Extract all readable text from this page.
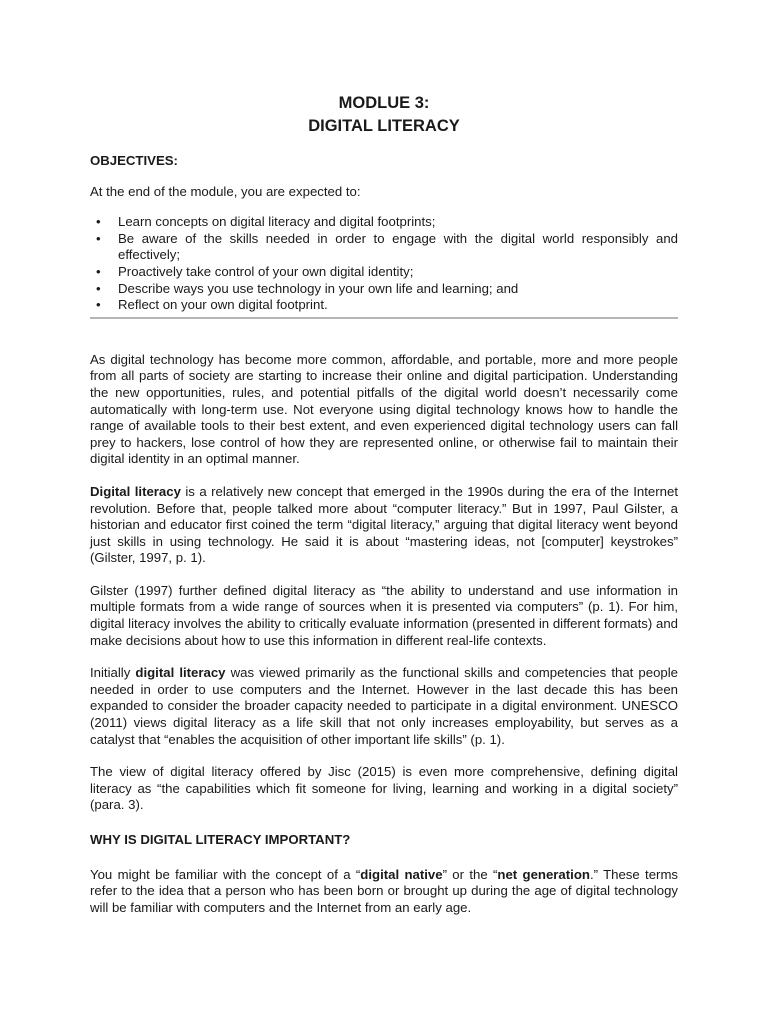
MODLUE 3:
DIGITAL LITERACY

OBJECTIVES:

At the end of the module, you are expected to:

• Learn concepts on digital literacy and digital footprints;
• Be aware of the skills needed in order to engage with the digital world responsibly and effectively;
• Proactively take control of your own digital identity;
• Describe ways you use technology in your own life and learning; and
• Reflect on your own digital footprint.

As digital technology has become more common, affordable, and portable, more and more people from all parts of society are starting to increase their online and digital participation. Understanding the new opportunities, rules, and potential pitfalls of the digital world doesn’t necessarily come automatically with long-term use. Not everyone using digital technology knows how to handle the range of available tools to their best extent, and even experienced digital technology users can fall prey to hackers, lose control of how they are represented online, or otherwise fail to maintain their digital identity in an optimal manner.

Digital literacy is a relatively new concept that emerged in the 1990s during the era of the Internet revolution. Before that, people talked more about “computer literacy.” But in 1997, Paul Gilster, a historian and educator first coined the term “digital literacy,” arguing that digital literacy went beyond just skills in using technology. He said it is about “mastering ideas, not [computer] keystrokes” (Gilster, 1997, p. 1).

Gilster (1997) further defined digital literacy as “the ability to understand and use information in multiple formats from a wide range of sources when it is presented via computers” (p. 1). For him, digital literacy involves the ability to critically evaluate information (presented in different formats) and make decisions about how to use this information in different real-life contexts.

Initially digital literacy was viewed primarily as the functional skills and competencies that people needed in order to use computers and the Internet. However in the last decade this has been expanded to consider the broader capacity needed to participate in a digital environment. UNESCO (2011) views digital literacy as a life skill that not only increases employability, but serves as a catalyst that “enables the acquisition of other important life skills” (p. 1).

The view of digital literacy offered by Jisc (2015) is even more comprehensive, defining digital literacy as “the capabilities which fit someone for living, learning and working in a digital society” (para. 3).

WHY IS DIGITAL LITERACY IMPORTANT?

You might be familiar with the concept of a “digital native” or the “net generation.” These terms refer to the idea that a person who has been born or brought up during the age of digital technology will be familiar with computers and the Internet from an early age.
